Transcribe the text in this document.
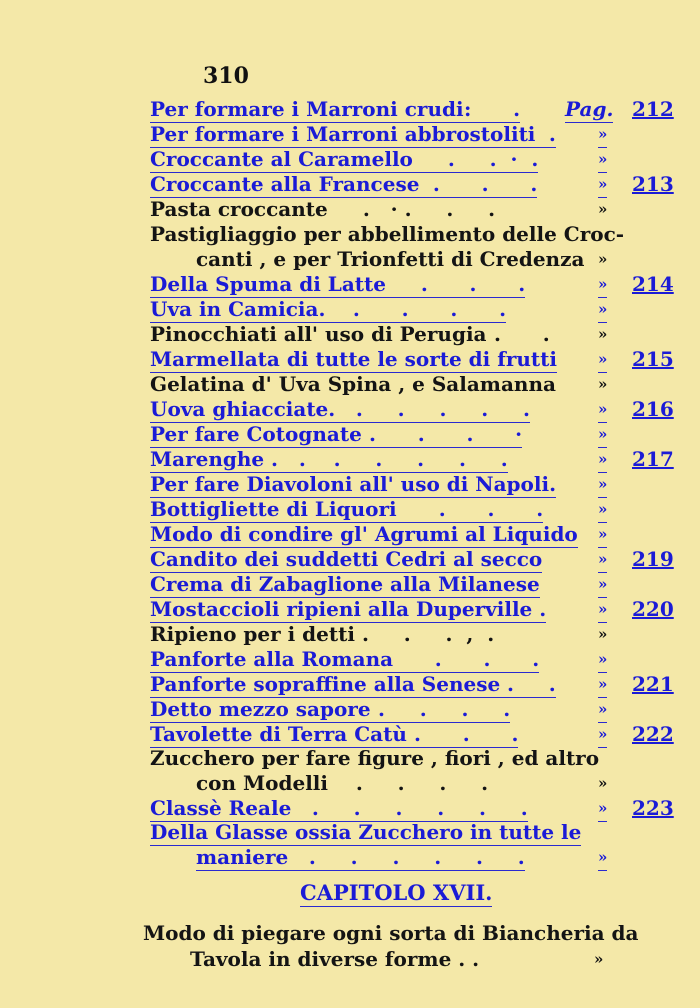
310
Per formare i Marroni crudi :      . Pag. 212
Per formare i Marroni abbrostoliti .	»
Croccante al Caramello .     .  ·  .	»
Croccante alla Francese .      .      .	» 213
Pasta croccante .   · .     .     .	»
Pastigliaggio per abbellimento delle Croc-
canti , e per Trionfetti di Credenza »
Della Spuma di Latte .      .      .	» 214
Uva in Camicia. .      .      .      .	»
Pinocchiati all' uso di Perugia .      .	»
Marmellata di tutte le sorte di frutti	» 215
Gelatina d' Uva Spina , e Salamanna	»
Uova ghiacciate. .     .     .     .     .	» 216
Per fare Cotognate .      .      .      ·	»
Marenghe .   .    .     .     .     .     .	» 217
Per fare Diavoloni all' uso di Napoli.	»
Bottigliette di Liquori .      .      .	»
Modo di condire gl' Agrumi al Liquido »
Candito dei suddetti Cedri al secco	» 219
Crema di Zabaglione alla Milanese	»
Mostaccioli ripieni alla Duperville .	» 220
Ripieno per i detti .     .     .  ,  .	»
Panforte alla Romana .      .      .	»
Panforte sopraffine alla Senese .     .	» 221
Detto mezzo sapore .     .     .     .	»
Tavolette di Terra Catù .      .      .	» 222
Zucchero per fare figure , fiori , ed altro
con Modelli .     .     .     .	»
Classè Reale .     .     .     .     .     .	» 223
Della Glasse ossia Zucchero in tutte le
maniere .     .     .     .     .     .	»
CAPITOLO XVII.
Modo di piegare ogni sorta di Biancheria da
Tavola in diverse forme . .	»
